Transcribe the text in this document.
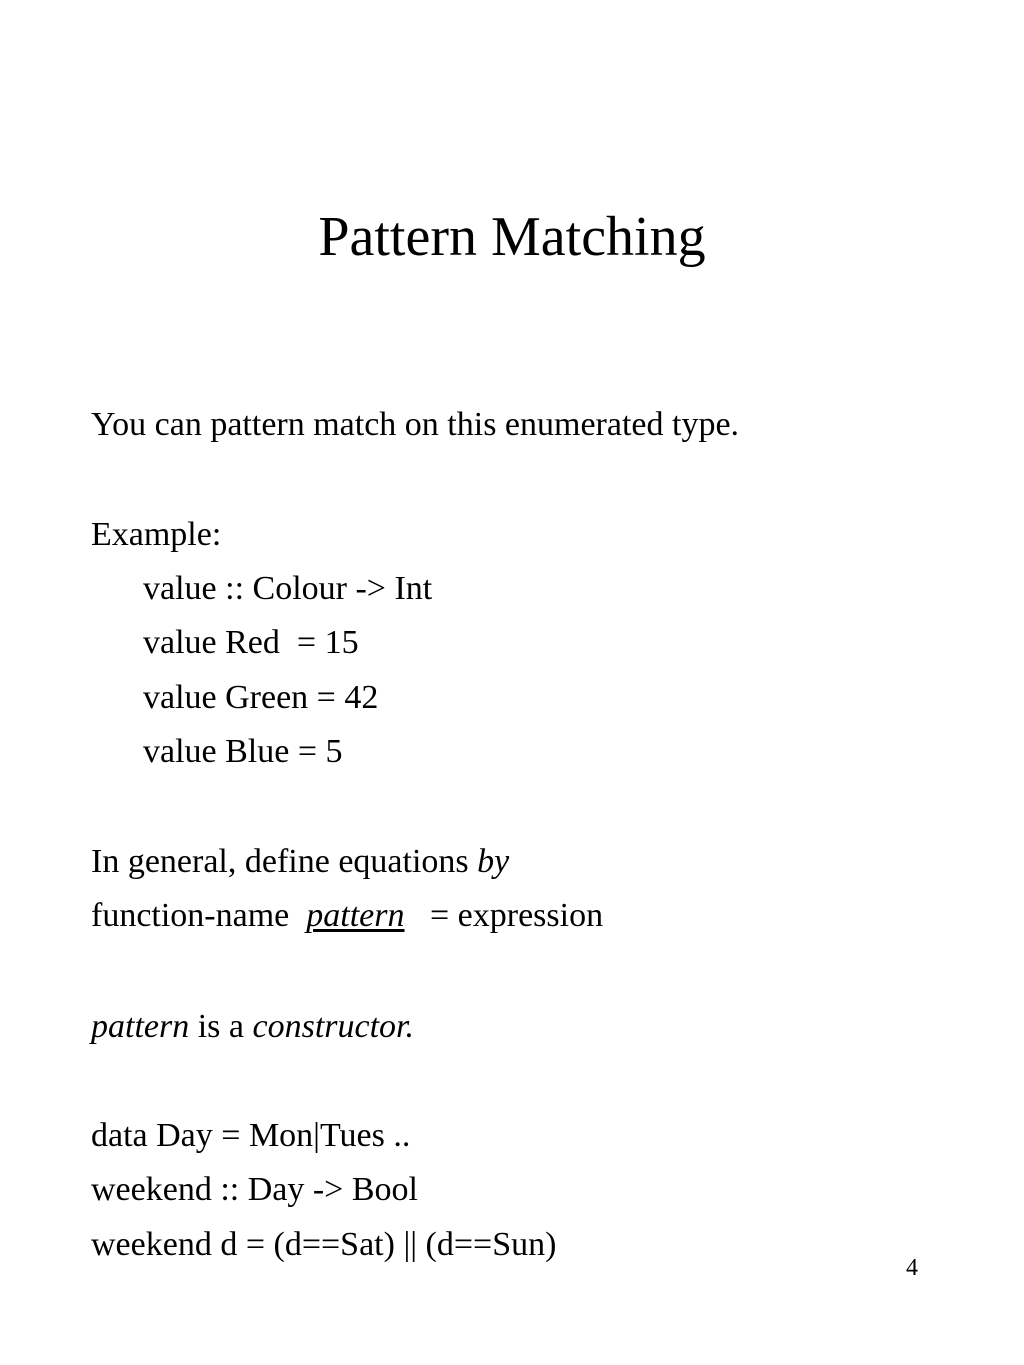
Pattern Matching

You can pattern match on this enumerated type.

Example:

value :: Colour -> Int

value Red  = 15

value Green = 42

value Blue = 5

In general, define equations by

function-name  pattern   = expression

pattern is a constructor.

data Day = Mon|Tues ..

weekend :: Day -> Bool

weekend d = (d==Sat) || (d==Sun)

4
